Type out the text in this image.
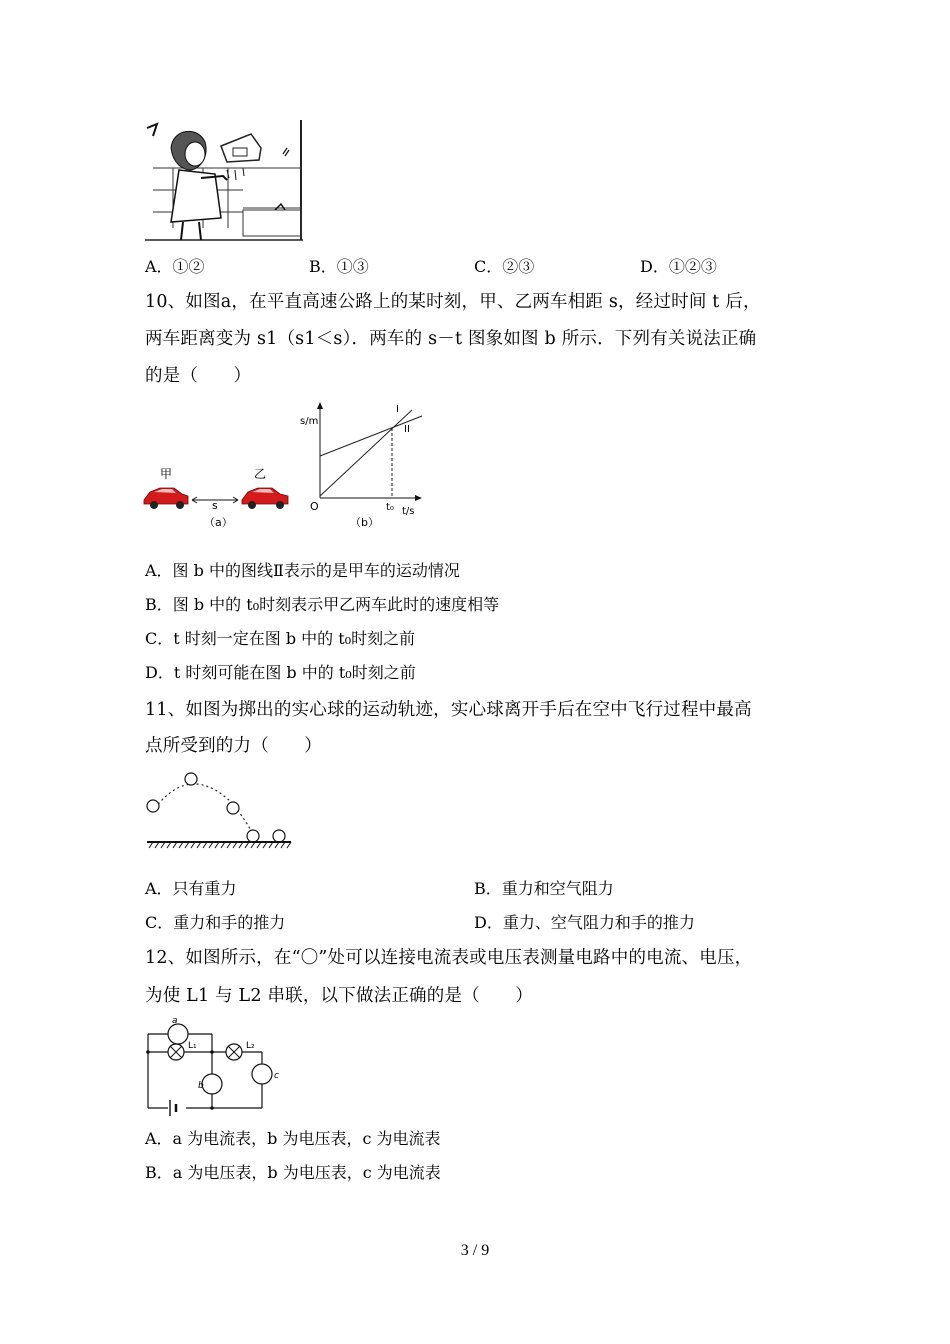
A．①②	B．①③	C．②③	D．①②③
10、如图a，在平直高速公路上的某时刻，甲、乙两车相距 s，经过时间 t 后，
两车距离变为 s1（s1＜s）．两车的 s－t 图象如图 b 所示．下列有关说法正确
的是（　　）
甲	乙
s
（a）
s/m
t/s
O	t₀
I
II
（b）
A．图 b 中的图线Ⅱ表示的是甲车的运动情况
B．图 b 中的 t₀时刻表示甲乙两车此时的速度相等
C．t 时刻一定在图 b 中的 t₀时刻之前
D．t 时刻可能在图 b 中的 t₀时刻之前
11、如图为掷出的实心球的运动轨迹，实心球离开手后在空中飞行过程中最高
点所受到的力（　　）
A．只有重力	B．重力和空气阻力
C．重力和手的推力	D．重力、空气阻力和手的推力
12、如图所示，在“〇”处可以连接电流表或电压表测量电路中的电流、电压，
为使 L1 与 L2 串联，以下做法正确的是（　　）
a
b
c
L₁	L₂
A．a 为电流表，b 为电压表，c 为电流表
B．a 为电压表，b 为电压表，c 为电流表
3 / 9
